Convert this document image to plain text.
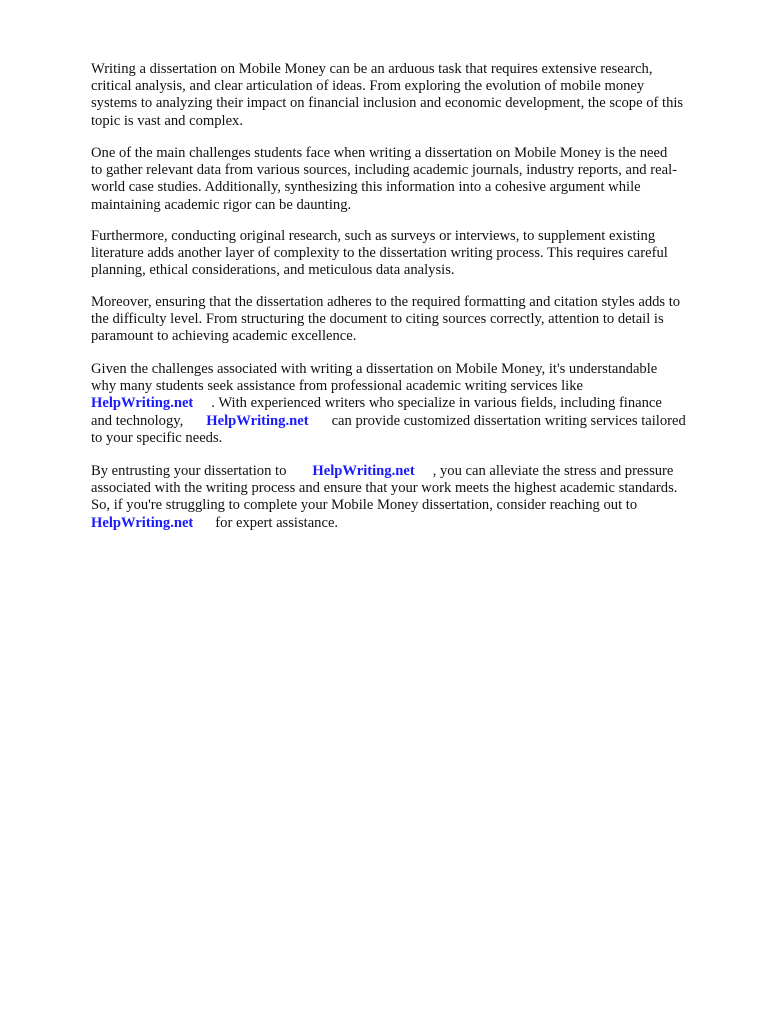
Writing a dissertation on Mobile Money can be an arduous task that requires extensive research,
critical analysis, and clear articulation of ideas. From exploring the evolution of mobile money
systems to analyzing their impact on financial inclusion and economic development, the scope of this
topic is vast and complex.
One of the main challenges students face when writing a dissertation on Mobile Money is the need
to gather relevant data from various sources, including academic journals, industry reports, and real-
world case studies. Additionally, synthesizing this information into a cohesive argument while
maintaining academic rigor can be daunting.
Furthermore, conducting original research, such as surveys or interviews, to supplement existing
literature adds another layer of complexity to the dissertation writing process. This requires careful
planning, ethical considerations, and meticulous data analysis.
Moreover, ensuring that the dissertation adheres to the required formatting and citation styles adds to
the difficulty level. From structuring the document to citing sources correctly, attention to detail is
paramount to achieving academic excellence.
Given the challenges associated with writing a dissertation on Mobile Money, it's understandable
why many students seek assistance from professional academic writing services like
HelpWriting.net . With experienced writers who specialize in various fields, including finance
and technology, HelpWriting.net can provide customized dissertation writing services tailored
to your specific needs.
By entrusting your dissertation to HelpWriting.net , you can alleviate the stress and pressure
associated with the writing process and ensure that your work meets the highest academic standards.
So, if you're struggling to complete your Mobile Money dissertation, consider reaching out to
HelpWriting.net for expert assistance.
